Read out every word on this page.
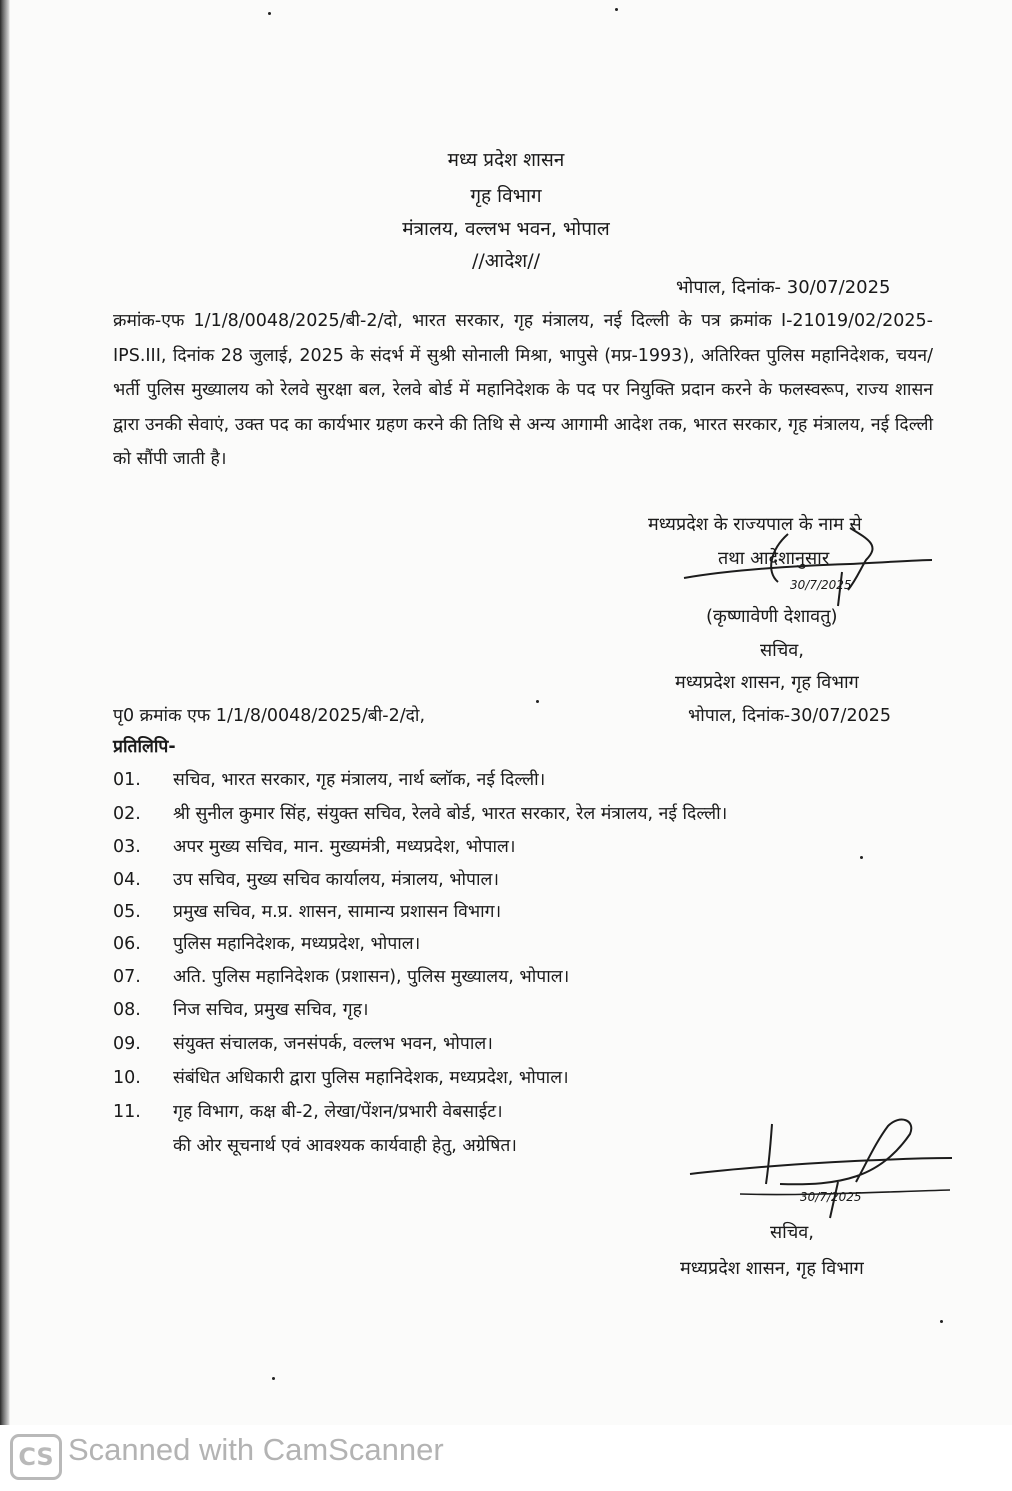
मध्य प्रदेश शासन
गृह विभाग
मंत्रालय, वल्लभ भवन, भोपाल
//आदेश//
भोपाल, दिनांक- 30/07/2025
क्रमांक-एफ 1/1/8/0048/2025/बी-2/दो, भारत सरकार, गृह मंत्रालय, नई दिल्ली के पत्र क्रमांक I-21019/02/2025-IPS.III, दिनांक 28 जुलाई, 2025 के संदर्भ में सुश्री सोनाली मिश्रा, भापुसे (मप्र-1993), अतिरिक्त पुलिस महानिदेशक, चयन/भर्ती पुलिस मुख्यालय को रेलवे सुरक्षा बल, रेलवे बोर्ड में महानिदेशक के पद पर नियुक्ति प्रदान करने के फलस्वरूप, राज्य शासन द्वारा उनकी सेवाएं, उक्त पद का कार्यभार ग्रहण करने की तिथि से अन्य आगामी आदेश तक, भारत सरकार, गृह मंत्रालय, नई दिल्ली को सौंपी जाती है।
मध्यप्रदेश के राज्यपाल के नाम से
तथा आदेशानुसार
30/7/2025
(कृष्णावेणी देशावतु)
सचिव,
मध्यप्रदेश शासन, गृह विभाग
पृ0 क्रमांक एफ 1/1/8/0048/2025/बी-2/दो,	भोपाल, दिनांक-30/07/2025
प्रतिलिपि-
01. सचिव, भारत सरकार, गृह मंत्रालय, नार्थ ब्लॉक, नई दिल्ली।
02. श्री सुनील कुमार सिंह, संयुक्त सचिव, रेलवे बोर्ड, भारत सरकार, रेल मंत्रालय, नई दिल्ली।
03. अपर मुख्य सचिव, मान. मुख्यमंत्री, मध्यप्रदेश, भोपाल।
04. उप सचिव, मुख्य सचिव कार्यालय, मंत्रालय, भोपाल।
05. प्रमुख सचिव, म.प्र. शासन, सामान्य प्रशासन विभाग।
06. पुलिस महानिदेशक, मध्यप्रदेश, भोपाल।
07. अति. पुलिस महानिदेशक (प्रशासन), पुलिस मुख्यालय, भोपाल।
08. निज सचिव, प्रमुख सचिव, गृह।
09. संयुक्त संचालक, जनसंपर्क, वल्लभ भवन, भोपाल।
10. संबंधित अधिकारी द्वारा पुलिस महानिदेशक, मध्यप्रदेश, भोपाल।
11. गृह विभाग, कक्ष बी-2, लेखा/पेंशन/प्रभारी वेबसाईट।
की ओर सूचनार्थ एवं आवश्यक कार्यवाही हेतु, अग्रेषित।
30/7/2025
सचिव,
मध्यप्रदेश शासन, गृह विभाग
CS Scanned with CamScanner
